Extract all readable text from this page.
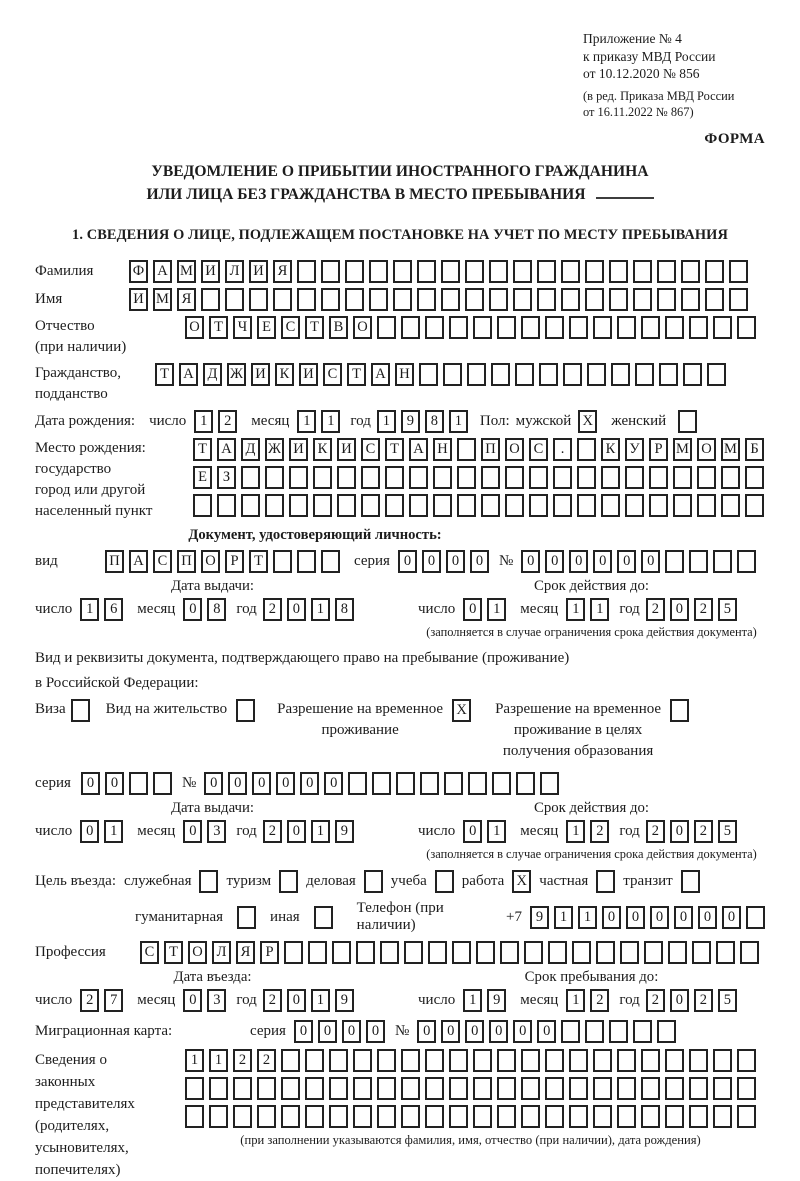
Приложение № 4
к приказу МВД России
от 10.12.2020 № 856
(в ред. Приказа МВД России
от 16.11.2022 № 867)
ФОРМА
УВЕДОМЛЕНИЕ О ПРИБЫТИИ ИНОСТРАННОГО ГРАЖДАНИНА
ИЛИ ЛИЦА БЕЗ ГРАЖДАНСТВА В МЕСТО ПРЕБЫВАНИЯ
1. СВЕДЕНИЯ О ЛИЦЕ, ПОДЛЕЖАЩЕМ ПОСТАНОВКЕ НА УЧЕТ ПО МЕСТУ ПРЕБЫВАНИЯ
Фамилия	Ф А М И Л И Я
Имя	И М Я
Отчество
(при наличии)
О Т	Ч	Е	С	Т	В О
Гражданство,
подданство
Т А Д Ж И К И С	Т А Н
Дата рождения: число 1	2	месяц 1	1	год 1	9	8	1	Пол: мужской X женский
Место рождения:
государство
город или другой
населенный пункт
Т А Д Ж И К И С	Т А Н	П О С	.	К У	Р М О М Б
Е	З
Документ, удостоверяющий личность:
вид	П А С П О	Р	Т	серия 0	0	0	0	№ 0	0	0	0	0	0
Дата выдачи:
число 1	6	месяц 0	8	год 2	0	1	8
Срок действия до:
число 0	1	месяц 1	1	год 2	0	2	5
(заполняется в случае ограничения срока действия документа)
Вид и реквизиты документа, подтверждающего право на пребывание (проживание)
в Российской Федерации:
Виза	Вид на жительство	Разрешение на временное
проживание
X Разрешение на временное
проживание в целях
получения образования
серия	0	0	№ 0	0	0	0	0	0
Дата выдачи:
число 0	1	месяц 0	3	год 2	0	1	9
Срок действия до:
число 0	1	месяц 1	2	год 2	0	2	5
(заполняется в случае ограничения срока действия документа)
Цель въезда: служебная туризм деловая учеба работа X частная транзит
гуманитарная	иная
Телефон (при наличии)
+7 9	1	1	0	0	0	0	0	0
Профессия	С	Т О Л Я	Р
Дата въезда:
число 2	7	месяц 0	3	год 2	0	1	9
Срок пребывания до:
число 1	9	месяц 1	2	год 2	0	2	5
Миграционная карта:	серия 0	0	0	0	№ 0	0	0	0	0	0
Сведения о
законных
представителях
(родителях,
усыновителях,
попечителях)
1	1	2	2
(при заполнении указываются фамилия, имя, отчество (при наличии), дата рождения)
